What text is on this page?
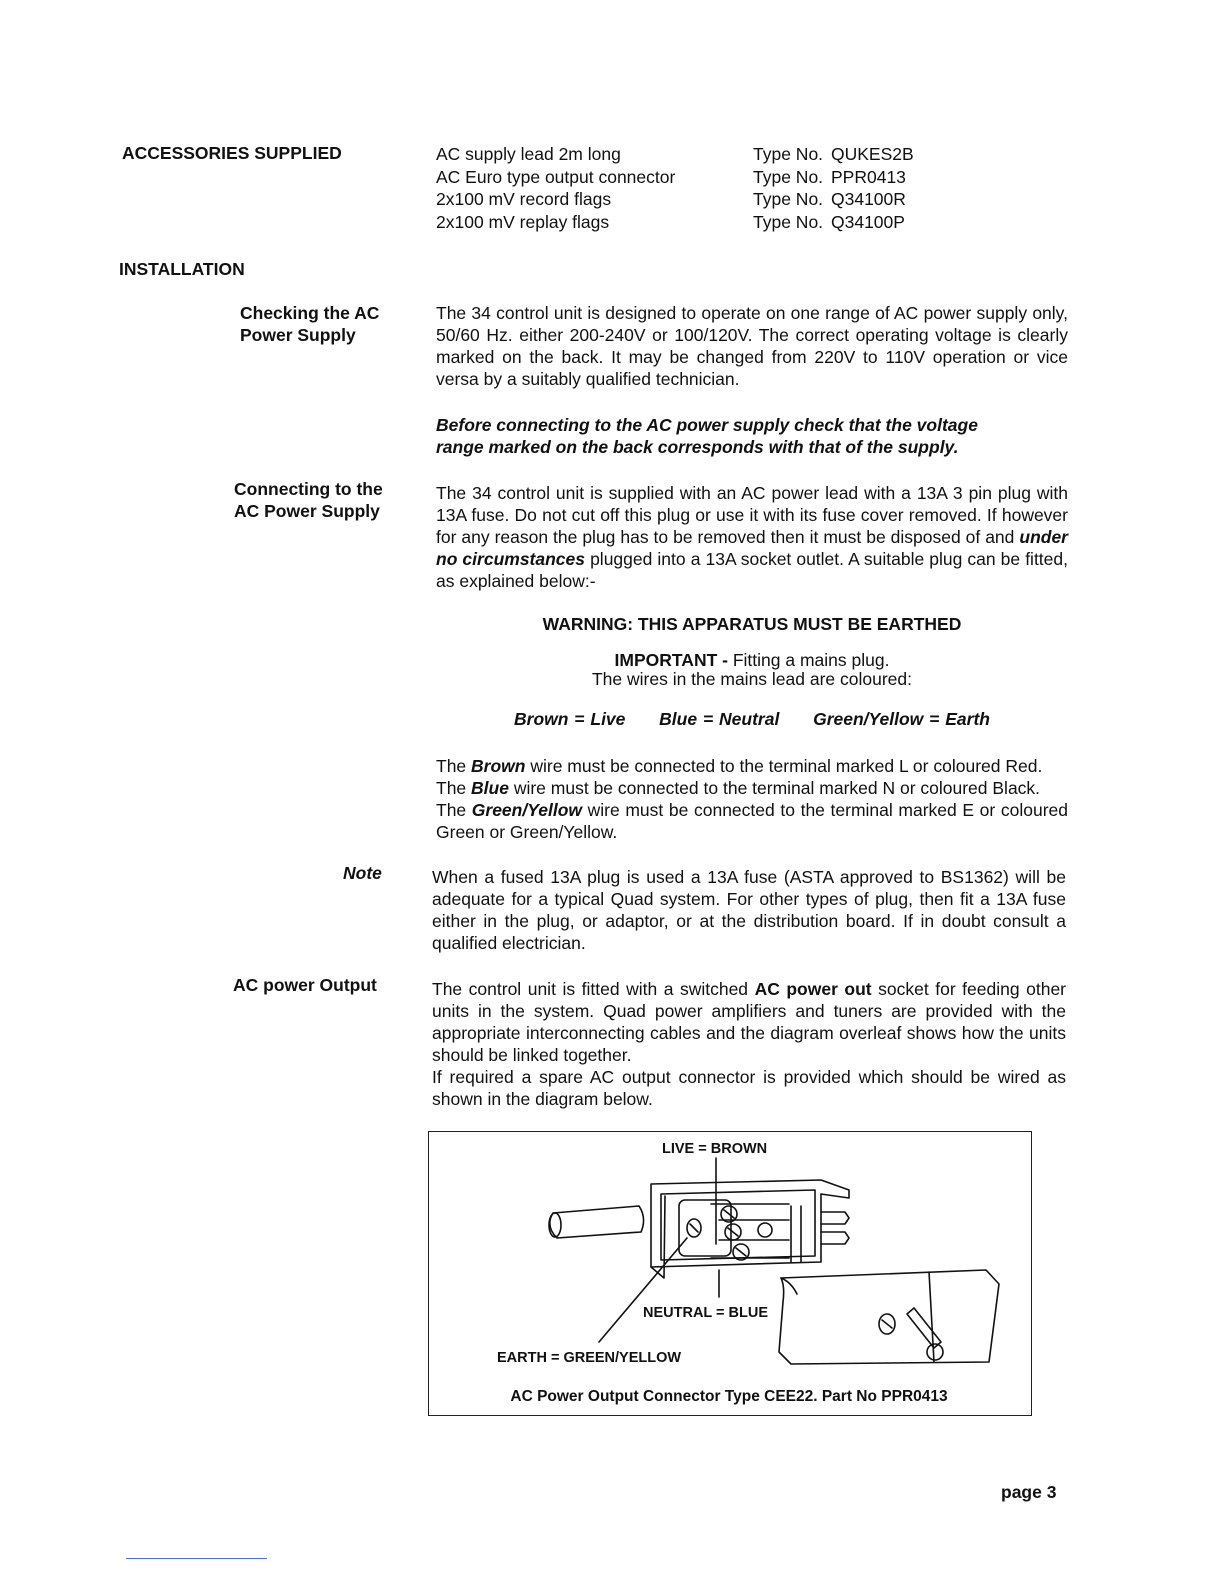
ACCESSORIES SUPPLIED	AC supply lead 2m long	Type No.	QUKES2B
AC Euro type output connector	Type No.	PPR0413
2x100 mV record flags	Type No.	Q34100R
2x100 mV replay flags	Type No.	Q34100P
INSTALLATION
Checking the AC
Power Supply
The 34 control unit is designed to operate on one range of AC power supply only, 50/60 Hz. either 200-240V or 100/120V. The correct operating voltage is clearly marked on the back. It may be changed from 220V to 110V operation or vice versa by a suitably qualified technician.
Before connecting to the AC power supply check that the voltage range marked on the back corresponds with that of the supply.
Connecting to the
AC Power Supply
The 34 control unit is supplied with an AC power lead with a 13A 3 pin plug with 13A fuse. Do not cut off this plug or use it with its fuse cover removed. If however for any reason the plug has to be removed then it must be disposed of and under no circumstances plugged into a 13A socket outlet. A suitable plug can be fitted, as explained below:-
WARNING: THIS APPARATUS MUST BE EARTHED
IMPORTANT - Fitting a mains plug.
The wires in the mains lead are coloured:
Brown = Live Blue = Neutral Green/Yellow = Earth
The Brown wire must be connected to the terminal marked L or coloured Red.
The Blue wire must be connected to the terminal marked N or coloured Black.
The Green/Yellow wire must be connected to the terminal marked E or coloured Green or Green/Yellow.
Note	When a fused 13A plug is used a 13A fuse (ASTA approved to BS1362) will be adequate for a typical Quad system. For other types of plug, then fit a 13A fuse either in the plug, or adaptor, or at the distribution board. If in doubt consult a qualified electrician.
AC power Output	The control unit is fitted with a switched AC power out socket for feeding other units in the system. Quad power amplifiers and tuners are provided with the appropriate interconnecting cables and the diagram overleaf shows how the units should be linked together.
If required a spare AC output connector is provided which should be wired as shown in the diagram below.
LIVE = BROWN
NEUTRAL = BLUE
EARTH = GREEN/YELLOW
AC Power Output Connector Type CEE22. Part No PPR0413
page 3
